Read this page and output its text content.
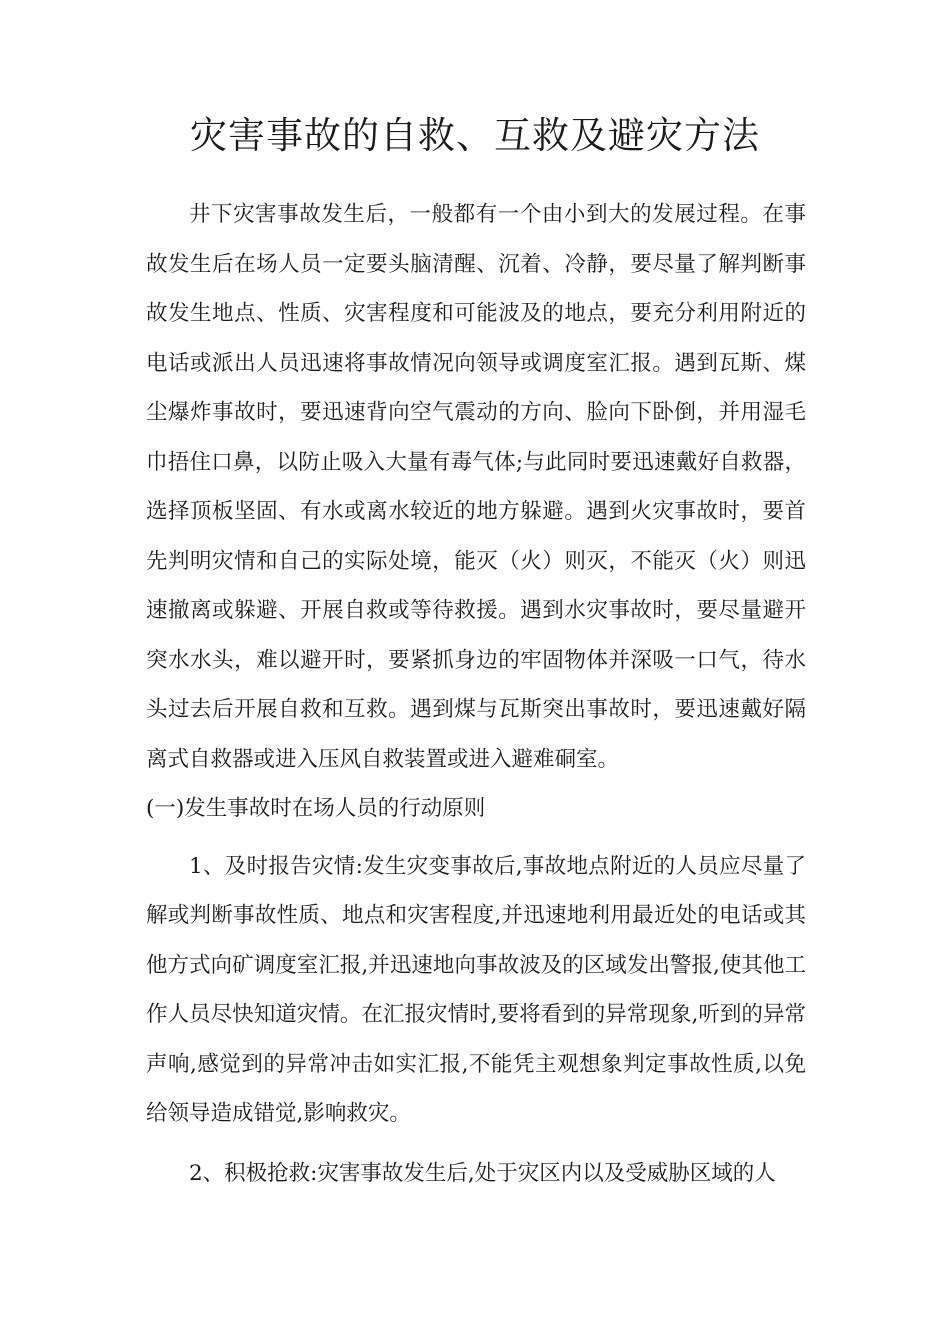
灾害事故的自救、互救及避灾方法

井下灾害事故发生后，一般都有一个由小到大的发展过程。在事故发生后在场人员一定要头脑清醒、沉着、冷静，要尽量了解判断事故发生地点、性质、灾害程度和可能波及的地点，要充分利用附近的电话或派出人员迅速将事故情况向领导或调度室汇报。遇到瓦斯、煤尘爆炸事故时，要迅速背向空气震动的方向、脸向下卧倒，并用湿毛巾捂住口鼻，以防止吸入大量有毒气体;与此同时要迅速戴好自救器，选择顶板坚固、有水或离水较近的地方躲避。遇到火灾事故时，要首先判明灾情和自己的实际处境，能灭（火）则灭，不能灭（火）则迅速撤离或躲避、开展自救或等待救援。遇到水灾事故时，要尽量避开突水水头，难以避开时，要紧抓身边的牢固物体并深吸一口气，待水头过去后开展自救和互救。遇到煤与瓦斯突出事故时，要迅速戴好隔离式自救器或进入压风自救装置或进入避难硐室。

(一)发生事故时在场人员的行动原则

1、及时报告灾情:发生灾变事故后,事故地点附近的人员应尽量了解或判断事故性质、地点和灾害程度,并迅速地利用最近处的电话或其他方式向矿调度室汇报,并迅速地向事故波及的区域发出警报,使其他工作人员尽快知道灾情。在汇报灾情时,要将看到的异常现象,听到的异常声响,感觉到的异常冲击如实汇报,不能凭主观想象判定事故性质,以免给领导造成错觉,影响救灾。

2、积极抢救:灾害事故发生后,处于灾区内以及受威胁区域的人
